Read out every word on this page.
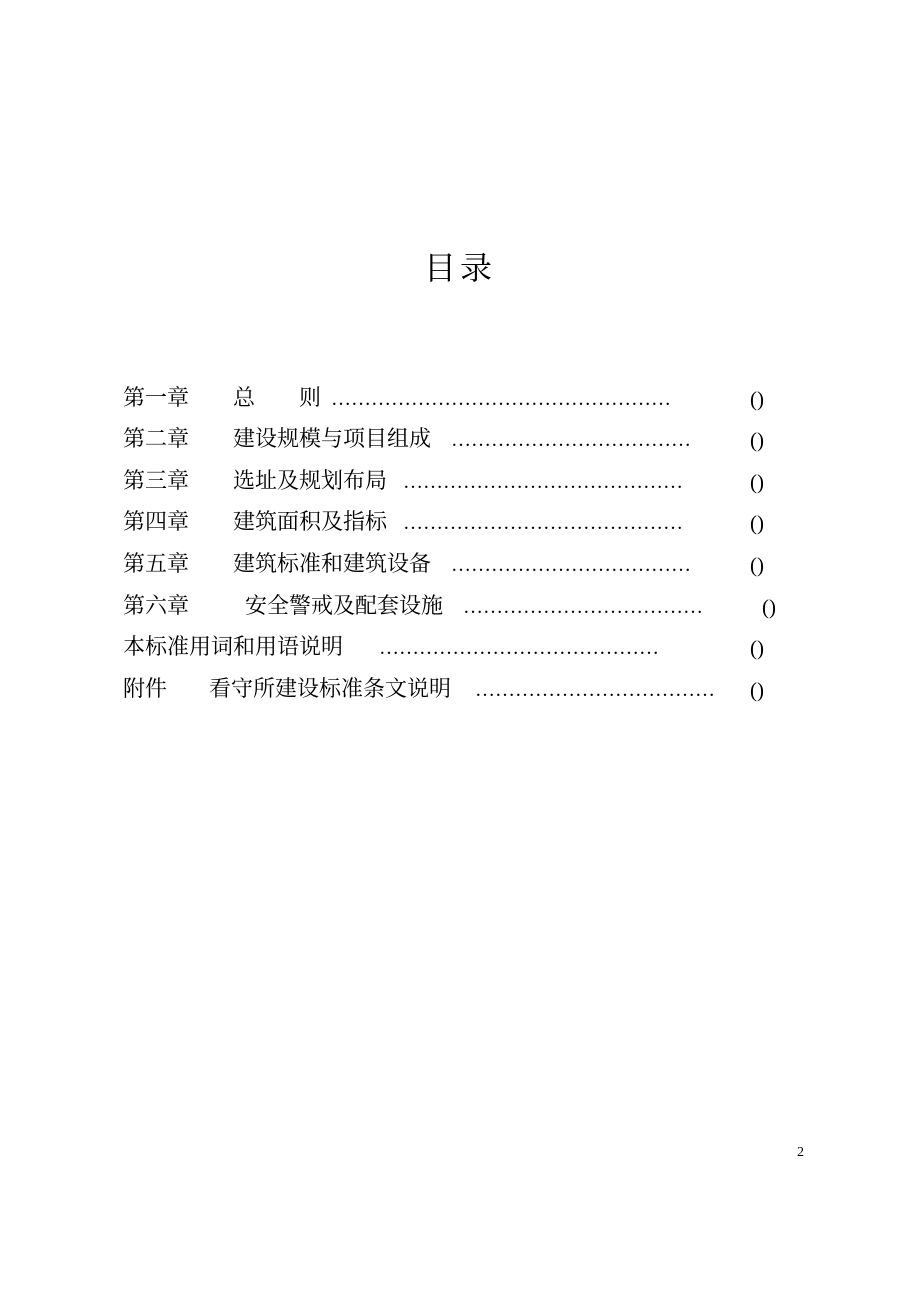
目录
第一章 总　　则 ……………………………………………	()
第二章 建设规模与项目组成 ………………………………	()
第三章 选址及规划布局 ……………………………………	()
第四章 建筑面积及指标 ……………………………………	()
第五章 建筑标准和建筑设备 ………………………………	()
第六章	安全警戒及配套设施 ………………………………	()
本标准用词和用语说明 ……………………………………	()
附件 看守所建设标准条文说明 ………………………………	()
2
